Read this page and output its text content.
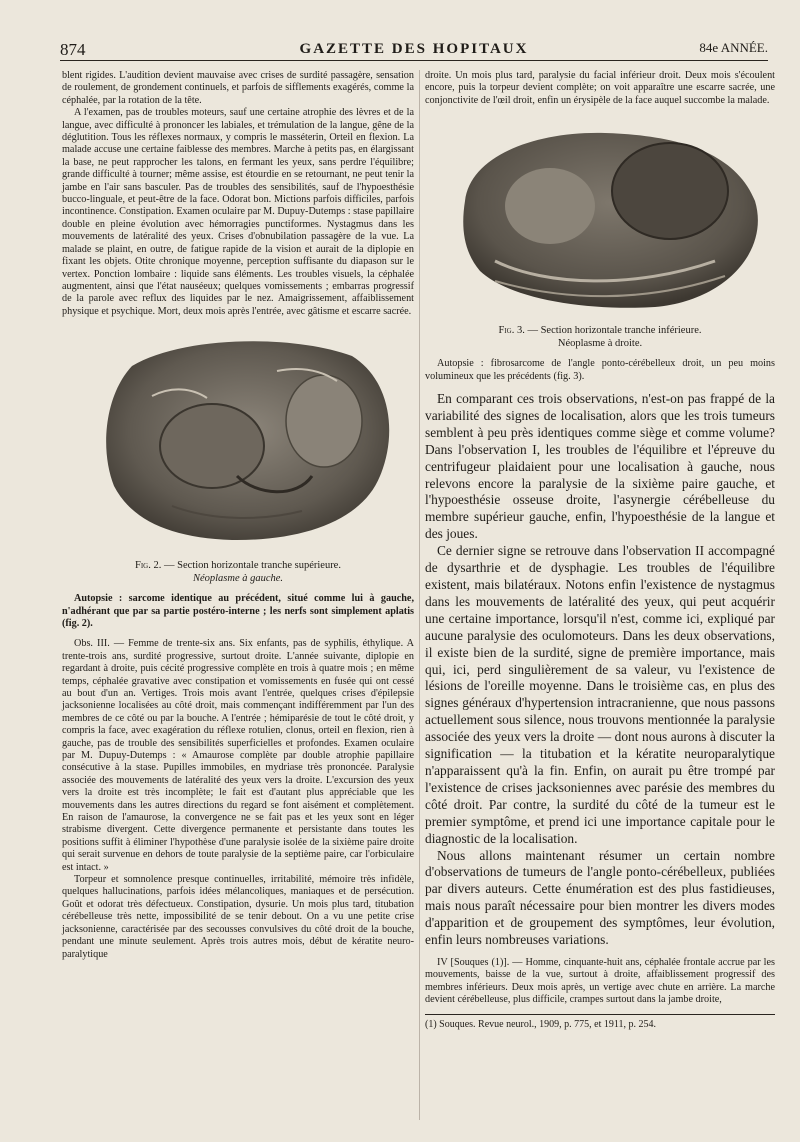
874	GAZETTE DES HOPITAUX	84e ANNÉE.

blent rigides. L'audition devient mauvaise avec crises de surdité passagère, sensation de roulement, de grondement continuels, et parfois de sifflements exagérés, comme la céphalée, par la rotation de la tête.

A l'examen, pas de troubles moteurs, sauf une certaine atrophie des lèvres et de la langue, avec difficulté à prononcer les labiales, et trémulation de la langue, gêne de la déglutition. Tous les réflexes normaux, y compris le masséterin, Orteil en flexion. La malade accuse une certaine faiblesse des membres. Marche à petits pas, en élargissant la base, ne peut rapprocher les talons, en fermant les yeux, sans perdre l'équilibre; grande difficulté à tourner; même assise, est étourdie en se retournant, ne peut tenir la jambe en l'air sans basculer. Pas de troubles des sensibilités, sauf de l'hypoesthésie bucco-linguale, et peut-être de la face. Odorat bon. Mictions parfois difficiles, parfois incontinence. Constipation. Examen oculaire par M. Dupuy-Dutemps : stase papillaire double en pleine évolution avec hémorragies punctiformes. Nystagmus dans les mouvements de latéralité des yeux. Crises d'obnubilation passagère de la vue. La malade se plaint, en outre, de fatigue rapide de la vision et aurait de la diplopie en fixant les objets. Otite chronique moyenne, perception suffisante du diapason sur le vertex. Ponction lombaire : liquide sans éléments. Les troubles visuels, la céphalée augmentent, ainsi que l'état nauséeux; quelques vomissements ; embarras progressif de la parole avec reflux des liquides par le nez. Amaigrissement, affaiblissement physique et psychique. Mort, deux mois après l'entrée, avec gâtisme et escarre sacrée.

Fig. 2. — Section horizontale tranche supérieure.
Néoplasme à gauche.

Autopsie : sarcome identique au précédent, situé comme lui à gauche, n'adhérant que par sa partie postéro-interne ; les nerfs sont simplement aplatis (fig. 2).

Obs. III. — Femme de trente-six ans. Six enfants, pas de syphilis, éthylique. A trente-trois ans, surdité progressive, surtout droite. L'année suivante, diplopie en regardant à droite, puis cécité progressive complète en trois à quatre mois ; en même temps, céphalée gravative avec constipation et vomissements en fusée qui ont cessé au bout d'un an. Vertiges. Trois mois avant l'entrée, quelques crises d'épilepsie jacksonienne localisées au côté droit, mais commençant indifféremment par l'un des membres de ce côté ou par la bouche. A l'entrée ; hémiparésie de tout le côté droit, y compris la face, avec exagération du réflexe rotulien, clonus, orteil en flexion, rien à gauche, pas de trouble des sensibilités superficielles et profondes. Examen oculaire par M. Dupuy-Dutemps : « Amaurose complète par double atrophie papillaire consécutive à la stase. Pupilles immobiles, en mydriase très prononcée. Paralysie associée des mouvements de latéralité des yeux vers la droite. L'excursion des yeux vers la droite est très incomplète; le fait est d'autant plus appréciable que les mouvements dans les autres directions du regard se font aisément et complètement. En raison de l'amaurose, la convergence ne se fait pas et les yeux sont en léger strabisme divergent. Cette divergence permanente et persistante dans toutes les positions suffit à éliminer l'hypothèse d'une paralysie isolée de la sixième paire droite qui serait survenue en dehors de toute paralysie de la septième paire, car l'orbiculaire est intact. »

Torpeur et somnolence presque continuelles, irritabilité, mémoire très infidèle, quelques hallucinations, parfois idées mélancoliques, maniaques et de persécution. Goût et odorat très défectueux. Constipation, dysurie. Un mois plus tard, titubation cérébelleuse très nette, impossibilité de se tenir debout. On a vu une petite crise jacksonienne, caractérisée par des secousses convulsives du côté droit de la bouche, pendant une minute seulement. Après trois autres mois, début de kératite neuro-paralytique

droite. Un mois plus tard, paralysie du facial inférieur droit. Deux mois s'écoulent encore, puis la torpeur devient complète; on voit apparaître une escarre sacrée, une conjonctivite de l'œil droit, enfin un érysipèle de la face auquel succombe la malade.

Fig. 3. — Section horizontale tranche inférieure.
Néoplasme à droite.

Autopsie : fibrosarcome de l'angle ponto-cérébelleux droit, un peu moins volumineux que les précédents (fig. 3).

En comparant ces trois observations, n'est-on pas frappé de la variabilité des signes de localisation, alors que les trois tumeurs semblent à peu près identiques comme siège et comme volume? Dans l'observation I, les troubles de l'équilibre et l'épreuve du centrifugeur plaidaient pour une localisation à gauche, nous relevons encore la paralysie de la sixième paire gauche, et l'hypoesthésie osseuse droite, l'asynergie cérébelleuse du membre supérieur gauche, enfin, l'hypoesthésie de la langue et des joues.

Ce dernier signe se retrouve dans l'observation II accompagné de dysarthrie et de dysphagie. Les troubles de l'équilibre existent, mais bilatéraux. Notons enfin l'existence de nystagmus dans les mouvements de latéralité des yeux, qui peut acquérir une certaine importance, lorsqu'il n'est, comme ici, expliqué par aucune paralysie des oculomoteurs. Dans les deux observations, il existe bien de la surdité, signe de première importance, mais qui, ici, perd singulièrement de sa valeur, vu l'existence de lésions de l'oreille moyenne. Dans le troisième cas, en plus des signes généraux d'hypertension intracranienne, que nous passons actuellement sous silence, nous trouvons mentionnée la paralysie associée des yeux vers la droite — dont nous aurons à discuter la signification — la titubation et la kératite neuroparalytique n'apparaissent qu'à la fin. Enfin, on aurait pu être trompé par l'existence de crises jacksoniennes avec parésie des membres du côté droit. Par contre, la surdité du côté de la tumeur est le premier symptôme, et prend ici une importance capitale pour le diagnostic de la localisation.

Nous allons maintenant résumer un certain nombre d'observations de tumeurs de l'angle ponto-cérébelleux, publiées par divers auteurs. Cette énumération est des plus fastidieuses, mais nous paraît nécessaire pour bien montrer les divers modes d'apparition et de groupement des symptômes, leur évolution, enfin leurs nombreuses variations.

IV [Souques (1)]. — Homme, cinquante-huit ans, céphalée frontale accrue par les mouvements, baisse de la vue, surtout à droite, affaiblissement progressif des membres inférieurs. Deux mois après, un vertige avec chute en arrière. La marche devient cérébelleuse, plus difficile, crampes surtout dans la jambe droite,

(1) Souques. Revue neurol., 1909, p. 775, et 1911, p. 254.
